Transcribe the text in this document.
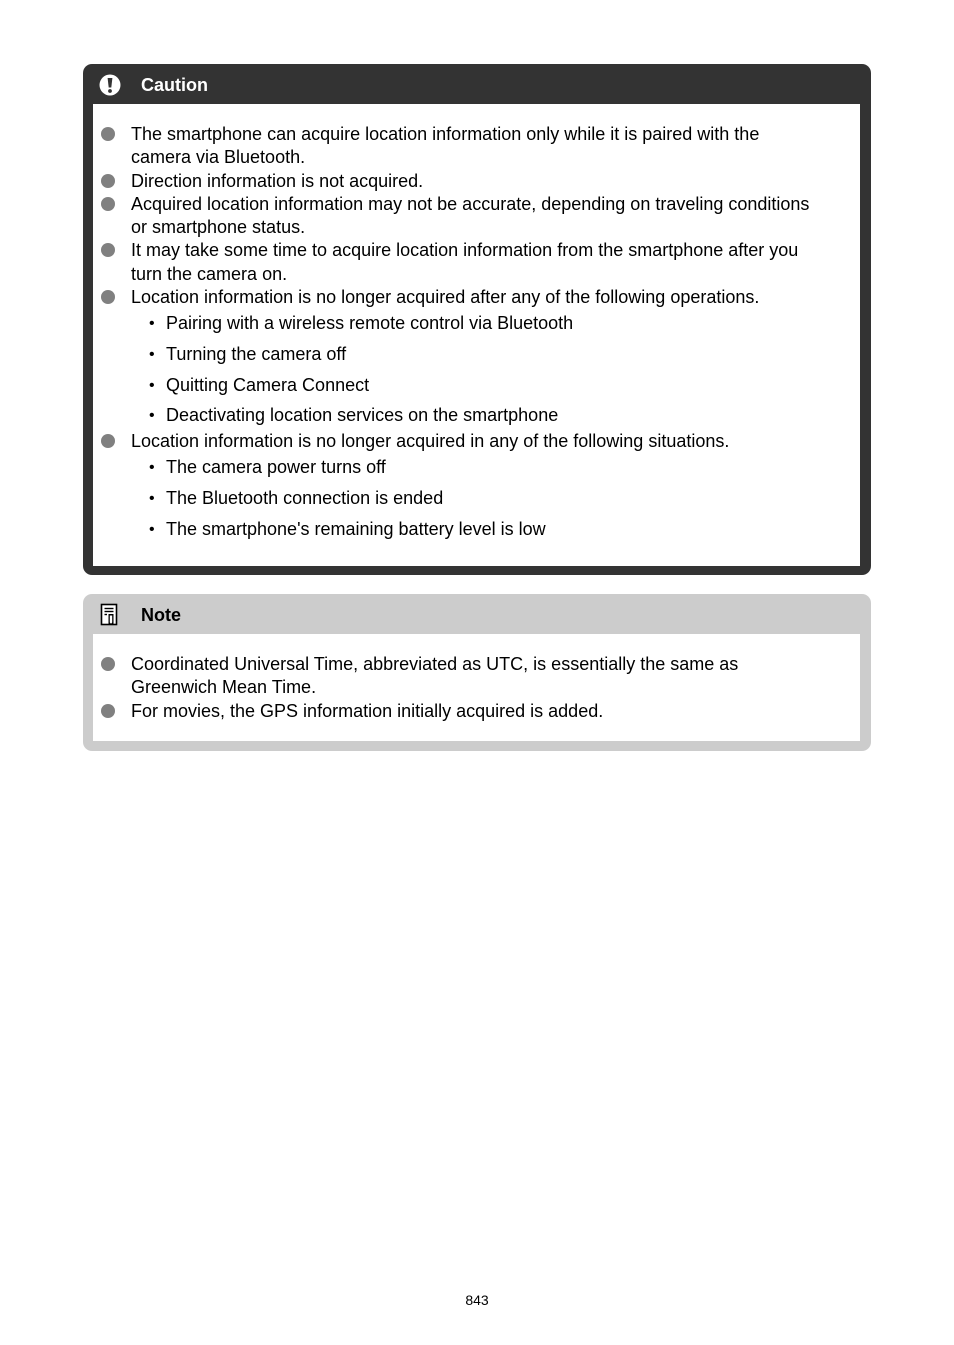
Caution
The smartphone can acquire location information only while it is paired with the camera via Bluetooth.
Direction information is not acquired.
Acquired location information may not be accurate, depending on traveling conditions or smartphone status.
It may take some time to acquire location information from the smartphone after you turn the camera on.
Location information is no longer acquired after any of the following operations.
• Pairing with a wireless remote control via Bluetooth
• Turning the camera off
• Quitting Camera Connect
• Deactivating location services on the smartphone
Location information is no longer acquired in any of the following situations.
• The camera power turns off
• The Bluetooth connection is ended
• The smartphone's remaining battery level is low
Note
Coordinated Universal Time, abbreviated as UTC, is essentially the same as Greenwich Mean Time.
For movies, the GPS information initially acquired is added.
843
